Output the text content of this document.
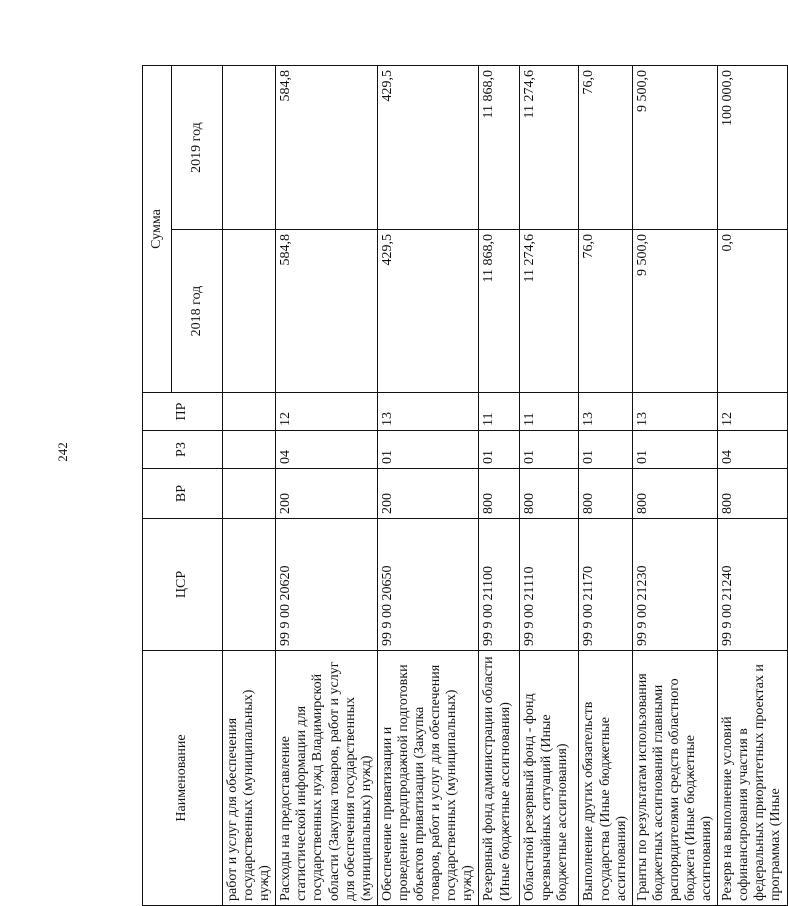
242
Наименование	ЦСР	ВР	РЗ	ПР	Сумма	
					2018 год	2019 год
работ и услуг для обеспечения государственных (муниципальных) нужд)						
Расходы на предоставление статистической информации для государственных нужд Владимирской области (Закупка товаров, работ и услуг для обеспечения государственных (муниципальных) нужд)	99 9 00 20620	200	04	12	584,8	584,8
Обеспечение приватизации и проведение предпродажной подготовки объектов приватизации (Закупка товаров, работ и услуг для обеспечения государственных (муниципальных) нужд)	99 9 00 20650	200	01	13	429,5	429,5
Резервный фонд администрации области (Иные бюджетные ассигнования)	99 9 00 21100	800	01	11	11 868,0	11 868,0
Областной резервный фонд - фонд чрезвычайных ситуаций (Иные бюджетные ассигнования)	99 9 00 21110	800	01	11	11 274,6	11 274,6
Выполнение других обязательств государства (Иные бюджетные ассигнования)	99 9 00 21170	800	01	13	76,0	76,0
Гранты по результатам использования бюджетных ассигнований главными распорядителями средств областного бюджета (Иные бюджетные ассигнования)	99 9 00 21230	800	01	13	9 500,0	9 500,0
Резерв на выполнение условий софинансирования участия в федеральных приоритетных проектах и программах (Иные	99 9 00 21240	800	04	12	0,0	100 000,0
